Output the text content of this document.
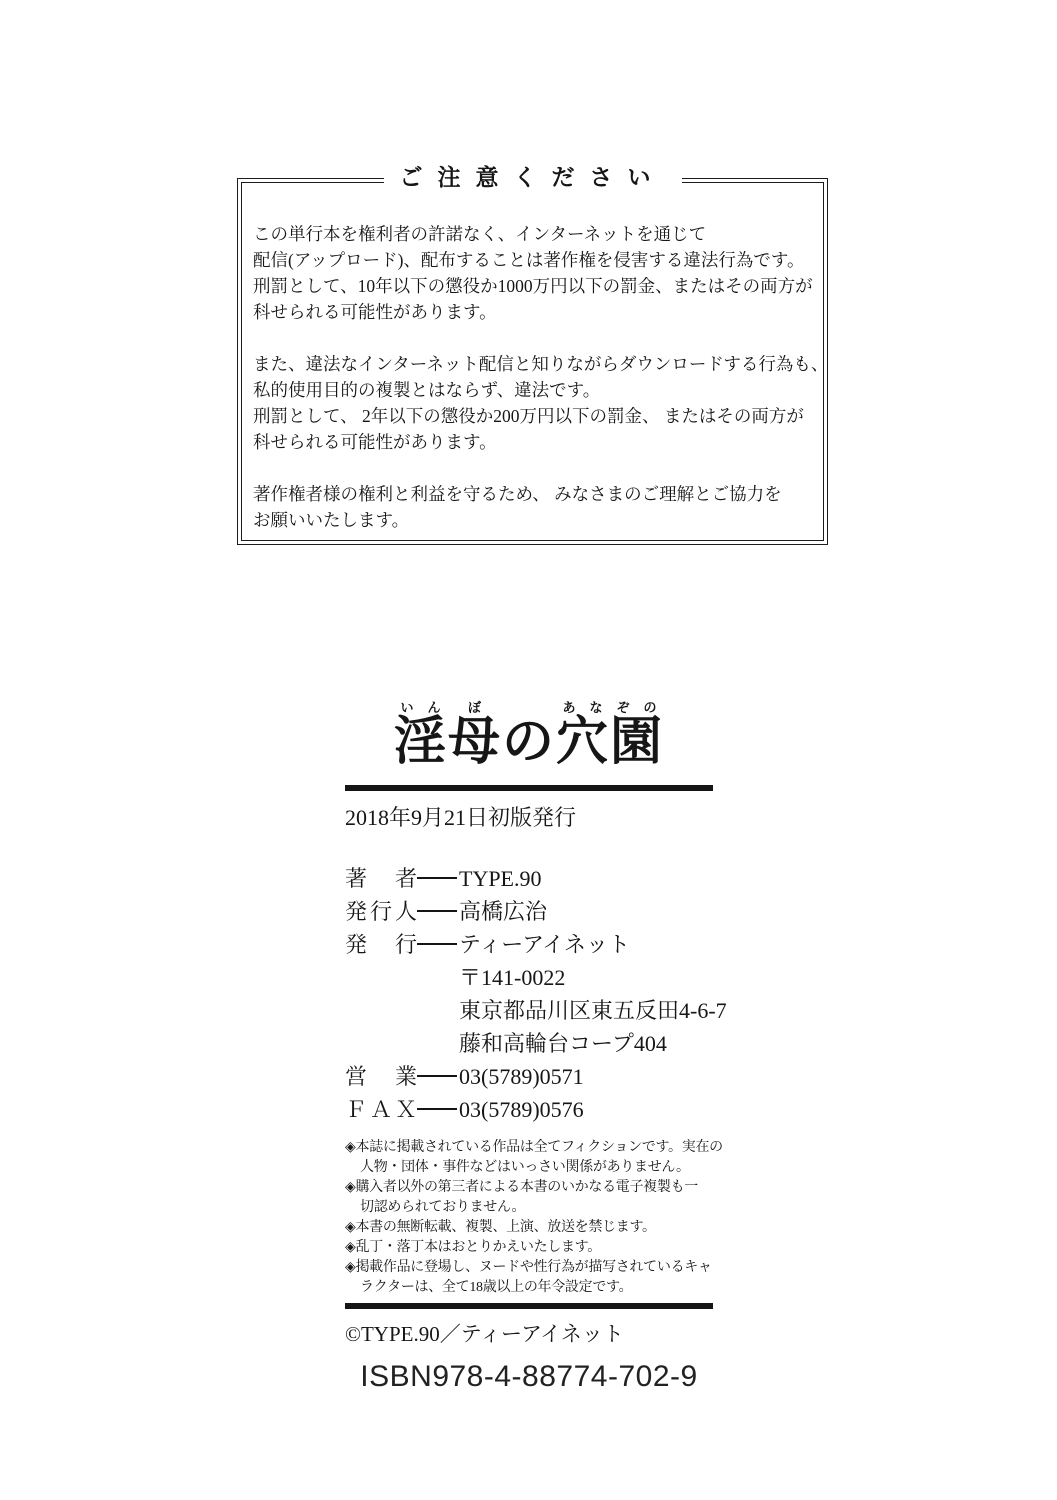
ご注意ください
この単行本を権利者の許諾なく、インターネットを通じて
配信(アップロード)、配布することは著作権を侵害する違法行為です。
刑罰として、10年以下の懲役か1000万円以下の罰金、またはその両方が
科せられる可能性があります。
また、違法なインターネット配信と知りながらダウンロードする行為も、
私的使用目的の複製とはならず、違法です。
刑罰として、 2年以下の懲役か200万円以下の罰金、 またはその両方が
科せられる可能性があります。
著作権者様の権利と利益を守るため、 みなさまのご理解とご協力を
お願いいたします。
淫いん母ぼの穴あな園ぞの
2018年9月21日初版発行
著者 TYPE.90
発行人 高橋広治
発行 ティーアイネット
〒141-0022
東京都品川区東五反田4-6-7
藤和高輪台コープ404
営業 03(5789)0571
ＦＡＸ 03(5789)0576
◈本誌に掲載されている作品は全てフィクションです。実在の
人物・団体・事件などはいっさい関係がありません。
◈購入者以外の第三者による本書のいかなる電子複製も一
切認められておりません。
◈本書の無断転載、複製、上演、放送を禁じます。
◈乱丁・落丁本はおとりかえいたします。
◈掲載作品に登場し、ヌードや性行為が描写されているキャ
ラクターは、全て18歳以上の年令設定です。
©TYPE.90／ティーアイネット
ISBN978-4-88774-702-9
